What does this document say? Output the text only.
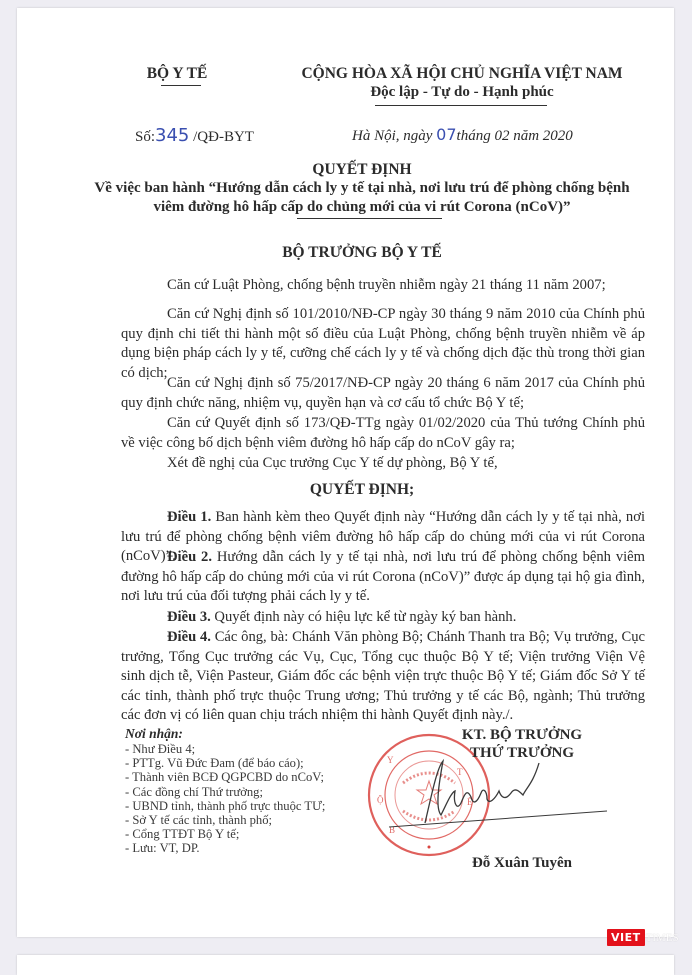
BỘ Y TẾ	CỘNG HÒA XÃ HỘI CHỦ NGHĨA VIỆT NAM
Độc lập - Tự do - Hạnh phúc
Số:345 /QĐ-BYT	Hà Nội, ngày 07tháng 02 năm 2020
QUYẾT ĐỊNH
Về việc ban hành “Hướng dẫn cách ly y tế tại nhà, nơi lưu trú để phòng chống bệnh
viêm đường hô hấp cấp do chủng mới của vi rút Corona (nCoV)”
BỘ TRƯỞNG BỘ Y TẾ
Căn cứ Luật Phòng, chống bệnh truyền nhiễm ngày 21 tháng 11 năm 2007;
Căn cứ Nghị định số 101/2010/NĐ-CP ngày 30 tháng 9 năm 2010 của Chính phủ quy định chi tiết thi hành một số điều của Luật Phòng, chống bệnh truyền nhiễm về áp dụng biện pháp cách ly y tế, cưỡng chế cách ly y tế và chống dịch đặc thù trong thời gian có dịch;
Căn cứ Nghị định số 75/2017/NĐ-CP ngày 20 tháng 6 năm 2017 của Chính phủ quy định chức năng, nhiệm vụ, quyền hạn và cơ cấu tổ chức Bộ Y tế;
Căn cứ Quyết định số 173/QĐ-TTg ngày 01/02/2020 của Thủ tướng Chính phủ về việc công bố dịch bệnh viêm đường hô hấp cấp do nCoV gây ra;
Xét đề nghị của Cục trưởng Cục Y tế dự phòng, Bộ Y tế,
QUYẾT ĐỊNH;
Điều 1. Ban hành kèm theo Quyết định này “Hướng dẫn cách ly y tế tại nhà, nơi lưu trú để phòng chống bệnh viêm đường hô hấp cấp do chủng mới của vi rút Corona (nCoV)”.
Điều 2. Hướng dẫn cách ly y tế tại nhà, nơi lưu trú để phòng chống bệnh viêm đường hô hấp cấp do chủng mới của vi rút Corona (nCoV)” được áp dụng tại hộ gia đình, nơi lưu trú của đối tượng phải cách ly y tế.
Điều 3. Quyết định này có hiệu lực kể từ ngày ký ban hành.
Điều 4. Các ông, bà: Chánh Văn phòng Bộ; Chánh Thanh tra Bộ; Vụ trưởng, Cục trưởng, Tổng Cục trưởng các Vụ, Cục, Tổng cục thuộc Bộ Y tế; Viện trưởng Viện Vệ sinh dịch tễ, Viện Pasteur, Giám đốc các bệnh viện trực thuộc Bộ Y tế; Giám đốc Sở Y tế các tỉnh, thành phố trực thuộc Trung ương; Thủ trưởng y tế các Bộ, ngành; Thủ trưởng các đơn vị có liên quan chịu trách nhiệm thi hành Quyết định này./.
Nơi nhận:
- Như Điều 4;
- PTTg. Vũ Đức Đam (để báo cáo);
- Thành viên BCĐ QGPCBD do nCoV;
- Các đồng chí Thứ trưởng;
- UBND tỉnh, thành phố trực thuộc TƯ;
- Sở Y tế các tỉnh, thành phố;
- Cổng TTĐT Bộ Y tế;
- Lưu: VT, DP.
Y
T
Ế
Ộ
B
KT. BỘ TRƯỞNG
THỨ TRƯỞNG
Đỗ Xuân Tuyên
VIET TIMES
